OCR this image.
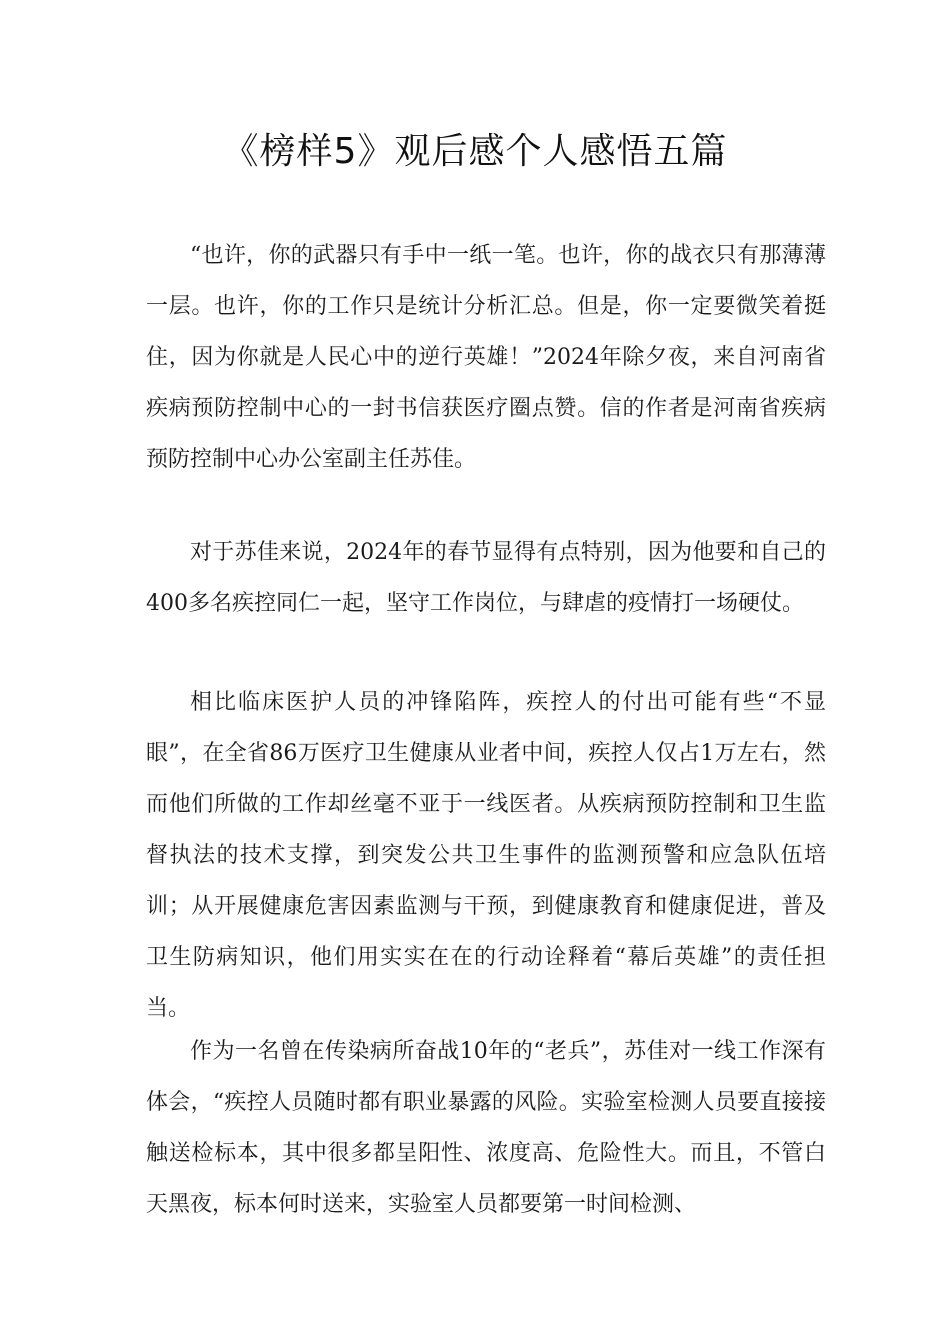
《榜样5》观后感个人感悟五篇

“也许，你的武器只有手中一纸一笔。也许，你的战衣只有那薄薄一层。也许，你的工作只是统计分析汇总。但是，你一定要微笑着挺住，因为你就是人民心中的逆行英雄！”2024年除夕夜，来自河南省疾病预防控制中心的一封书信获医疗圈点赞。信的作者是河南省疾病预防控制中心办公室副主任苏佳。

对于苏佳来说，2024年的春节显得有点特别，因为他要和自己的400多名疾控同仁一起，坚守工作岗位，与肆虐的疫情打一场硬仗。

相比临床医护人员的冲锋陷阵，疾控人的付出可能有些“不显眼”，在全省86万医疗卫生健康从业者中间，疾控人仅占1万左右，然而他们所做的工作却丝毫不亚于一线医者。从疾病预防控制和卫生监督执法的技术支撑，到突发公共卫生事件的监测预警和应急队伍培训；从开展健康危害因素监测与干预，到健康教育和健康促进，普及卫生防病知识，他们用实实在在的行动诠释着“幕后英雄”的责任担当。

作为一名曾在传染病所奋战10年的“老兵”，苏佳对一线工作深有体会，“疾控人员随时都有职业暴露的风险。实验室检测人员要直接接触送检标本，其中很多都呈阳性、浓度高、危险性大。而且，不管白天黑夜，标本何时送来，实验室人员都要第一时间检测、
